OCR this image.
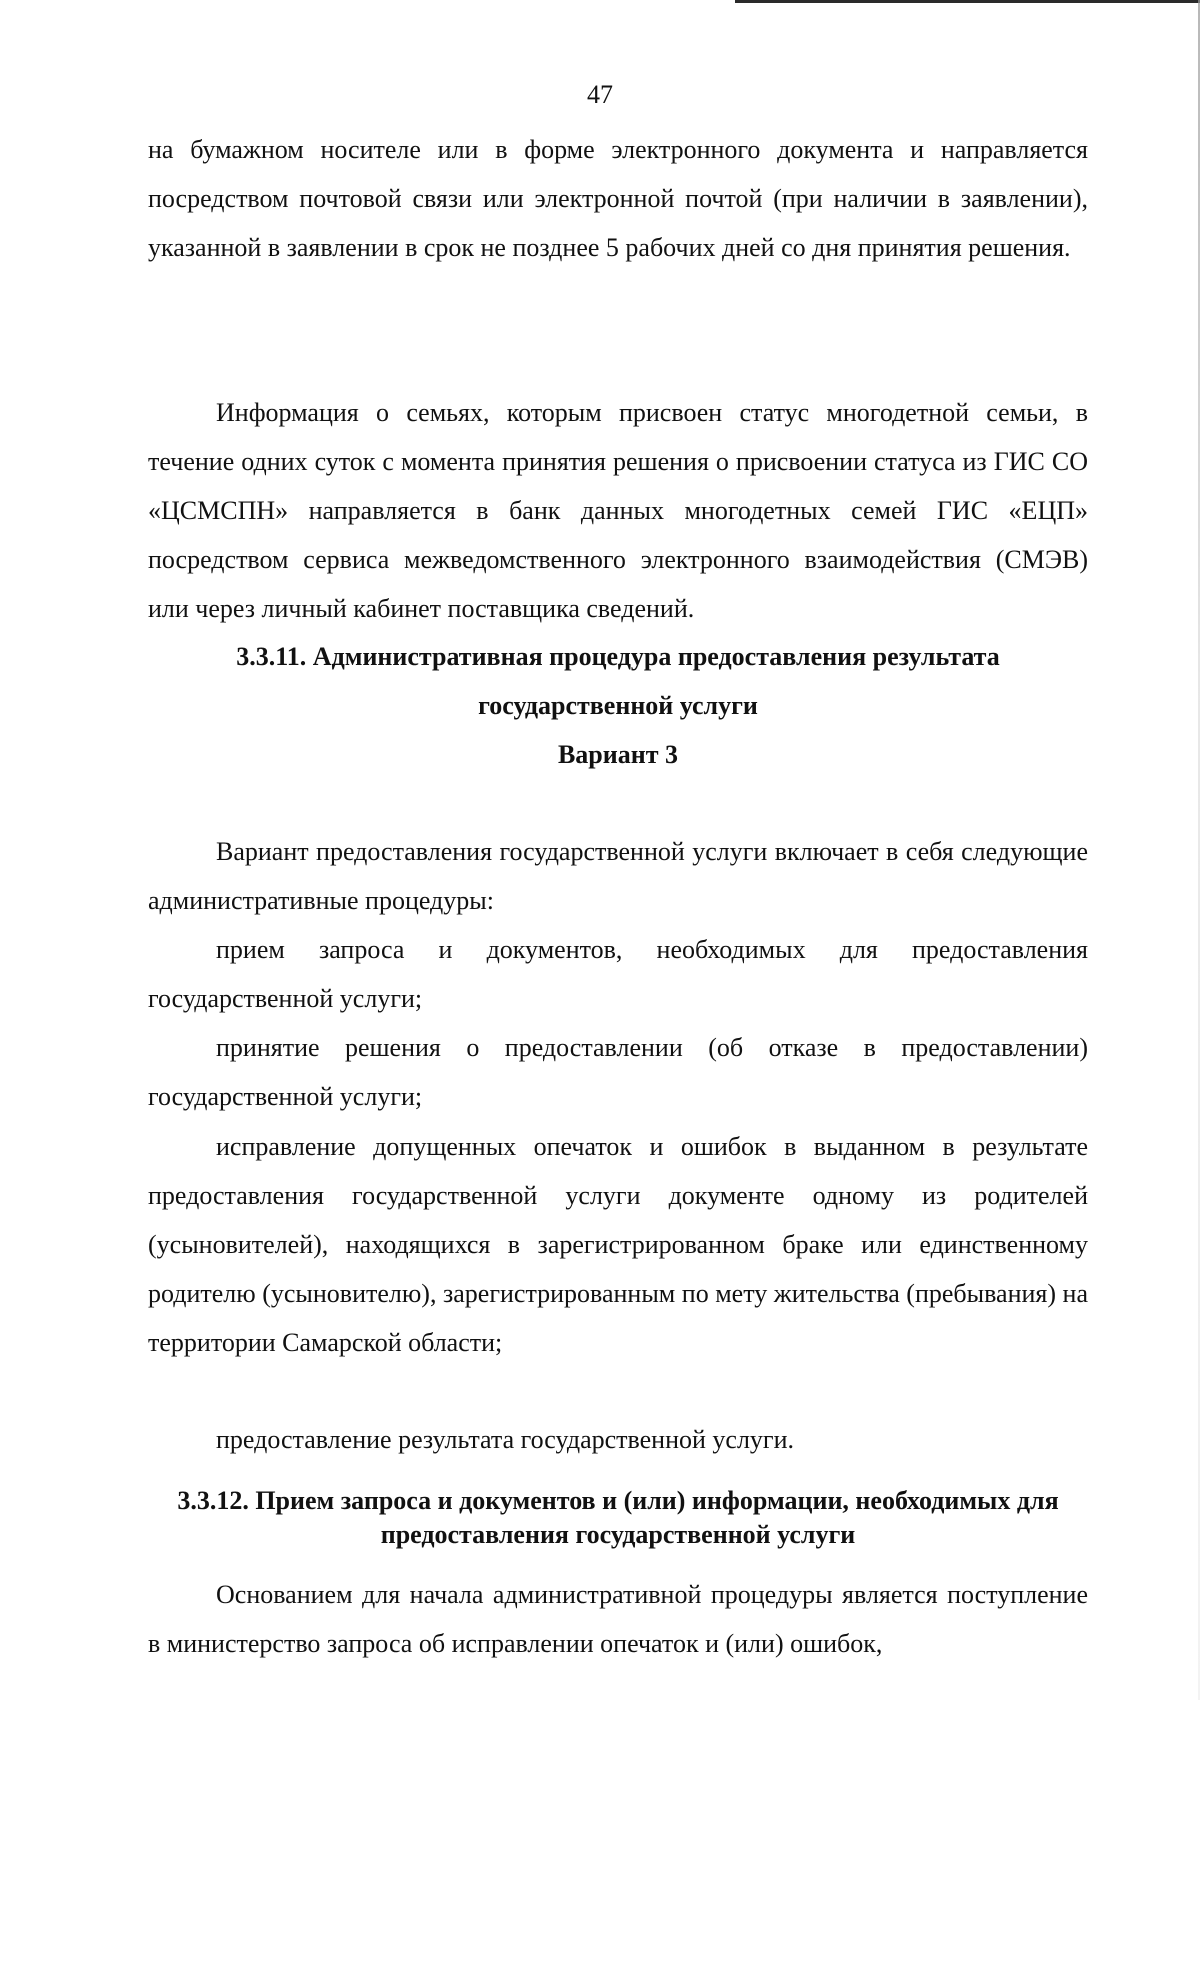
47

на бумажном носителе или в форме электронного документа и направляется посредством почтовой связи или электронной почтой (при наличии в заявлении), указанной в заявлении в срок не позднее 5 рабочих дней со дня принятия решения.

Информация о семьях, которым присвоен статус многодетной семьи, в течение одних суток с момента принятия решения о присвоении статуса из ГИС СО «ЦСМСПН» направляется в банк данных многодетных семей ГИС «ЕЦП» посредством сервиса межведомственного электронного взаимодействия (СМЭВ) или через личный кабинет поставщика сведений.

3.3.11. Административная процедура предоставления результата
государственной услуги
Вариант 3

Вариант предоставления государственной услуги включает в себя следующие административные процедуры:

прием запроса и документов, необходимых для предоставления государственной услуги;

принятие решения о предоставлении (об отказе в предоставлении) государственной услуги;

исправление допущенных опечаток и ошибок в выданном в результате предоставления государственной услуги документе одному из родителей (усыновителей), находящихся в зарегистрированном браке или единственному родителю (усыновителю), зарегистрированным по мету жительства (пребывания) на территории Самарской области;

предоставление результата государственной услуги.

3.3.12. Прием запроса и документов и (или) информации, необходимых для
предоставления государственной услуги

Основанием для начала административной процедуры является поступление в министерство запроса об исправлении опечаток и (или) ошибок,
